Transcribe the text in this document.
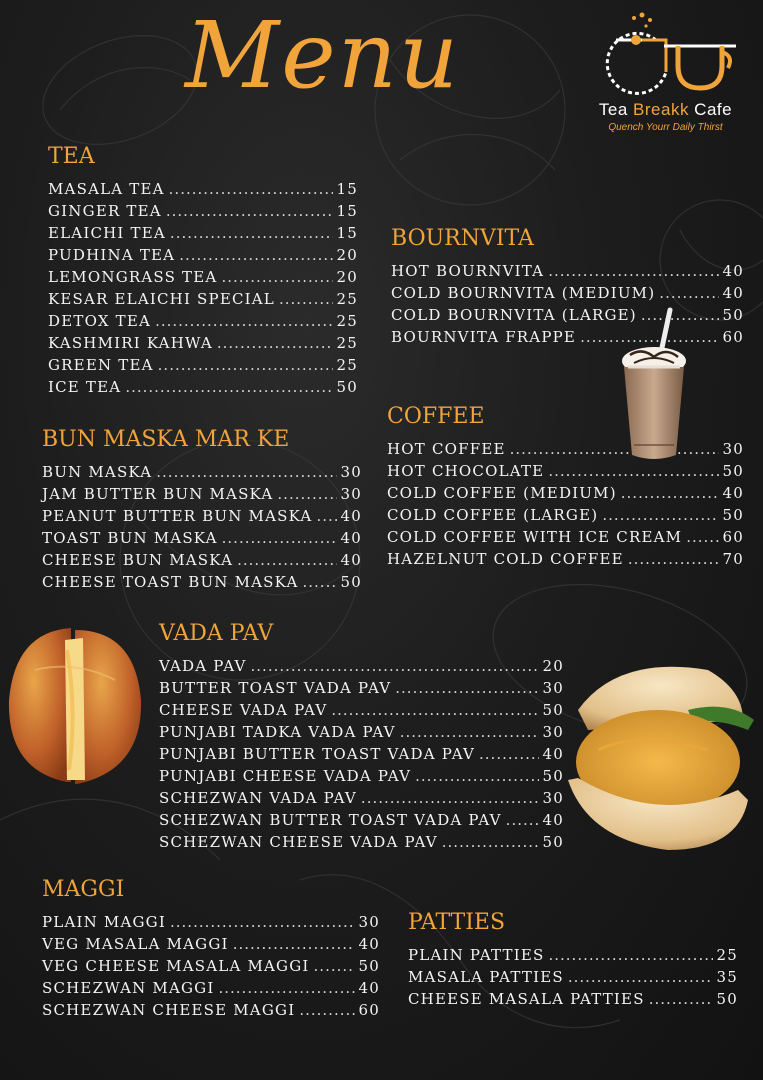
Menu
Tea Breakk Cafe
Quench Yourr Daily Thirst
TEA
MASALA TEA .....	15
GINGER TEA .....	15
ELAICHI TEA .....	15
PUDHINA TEA .....	20
LEMONGRASS TEA .....	20
KESAR ELAICHI SPECIAL .....	25
DETOX TEA .....	25
KASHMIRI KAHWA .....	25
GREEN TEA .....	25
ICE TEA .....	50
BOURNVITA
HOT BOURNVITA .....	40
COLD BOURNVITA (MEDIUM) .....	40
COLD BOURNVITA (LARGE) .....	50
BOURNVITA FRAPPE .....	60
COFFEE
HOT COFFEE .....	30
HOT CHOCOLATE .....	50
COLD COFFEE (MEDIUM) .....	40
COLD COFFEE (LARGE) .....	50
COLD COFFEE WITH ICE CREAM .....	60
HAZELNUT COLD COFFEE .....	70
BUN MASKA MAR KE
BUN MASKA .....	30
JAM BUTTER BUN MASKA .....	30
PEANUT BUTTER BUN MASKA ..... 40
TOAST BUN MASKA .....	40
CHEESE BUN MASKA .....	40
CHEESE TOAST BUN MASKA .....	50
VADA PAV
VADA PAV .....	20
BUTTER TOAST VADA PAV .....	30
CHEESE VADA PAV .....	50
PUNJABI TADKA VADA PAV .....	30
PUNJABI BUTTER TOAST VADA PAV .....	40
PUNJABI CHEESE VADA PAV .....	50
SCHEZWAN VADA PAV .....	30
SCHEZWAN BUTTER TOAST VADA PAV .....	40
SCHEZWAN CHEESE VADA PAV .....	50
MAGGI
PLAIN MAGGI .....	30
VEG MASALA MAGGI .....	40
VEG CHEESE MASALA MAGGI .....	50
SCHEZWAN MAGGI .....	40
SCHEZWAN CHEESE MAGGI .....	60
PATTIES
PLAIN PATTIES .....	25
MASALA PATTIES .....	35
CHEESE MASALA PATTIES .....	50
